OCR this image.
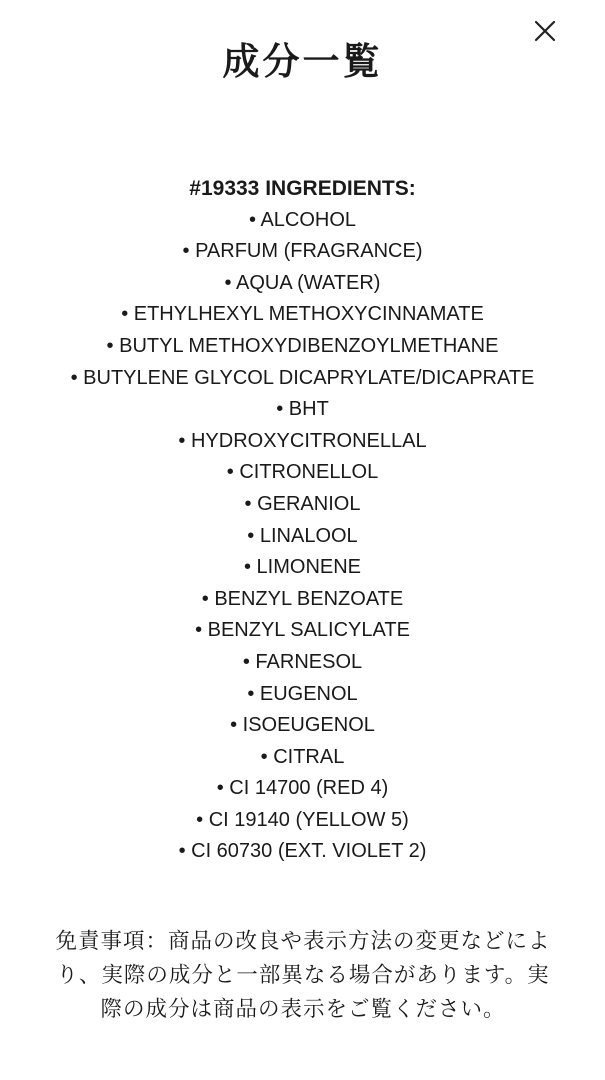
成分一覧

#19333 INGREDIENTS:

• ALCOHOL
• PARFUM (FRAGRANCE)
• AQUA (WATER)
• ETHYLHEXYL METHOXYCINNAMATE
• BUTYL METHOXYDIBENZOYLMETHANE
• BUTYLENE GLYCOL DICAPRYLATE/DICAPRATE
• BHT
• HYDROXYCITRONELLAL
• CITRONELLOL
• GERANIOL
• LINALOOL
• LIMONENE
• BENZYL BENZOATE
• BENZYL SALICYLATE
• FARNESOL
• EUGENOL
• ISOEUGENOL
• CITRAL
• CI 14700 (RED 4)
• CI 19140 (YELLOW 5)
• CI 60730 (EXT. VIOLET 2)

免責事項：商品の改良や表示方法の変更などにより、実際の成分と一部異なる場合があります。実際の成分は商品の表示をご覧ください。
